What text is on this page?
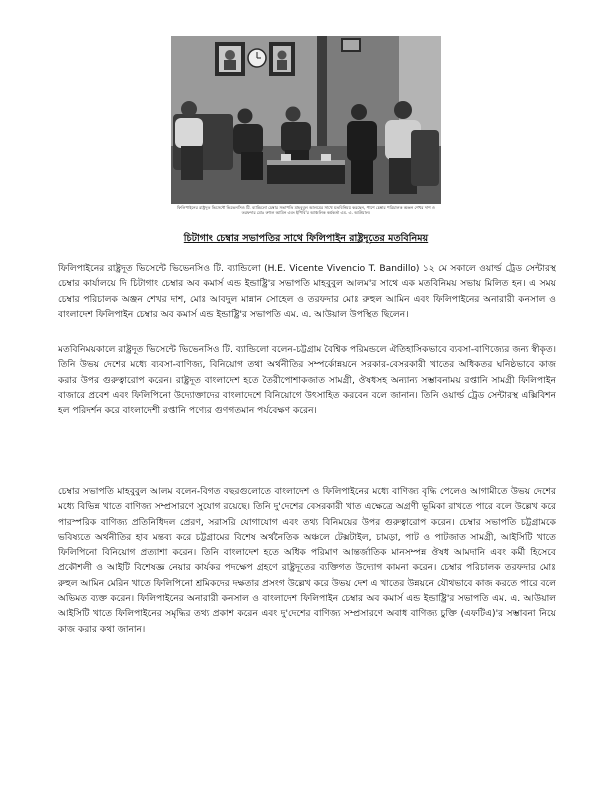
ফিলিপাইনের রাষ্ট্রদূত ভিসেন্টে ভিভেনসিও টি. ব্যান্ডিলো চেম্বার সভাপতি মাহবুবুল আলমের সাথে মতবিনিময় করছেন, পাশে চেম্বার পরিচালক অঞ্জন শেখর দাশ ও তরফদার মোঃ রুহুল আমিন এবং ইপিবি'র আঞ্চলিক কর্মকর্তা এম. এ. আউয়াল।
চিটাগাং চেম্বার সভাপতির সাথে ফিলিপাইন রাষ্ট্রদূতের মতবিনিময়

ফিলিপাইনের রাষ্ট্রদূত ভিসেন্টে ভিভেনসিও টি. ব্যান্ডিলো (H.E. Vicente Vivencio T. Bandillo) ১২ মে সকালে ওয়ার্ল্ড ট্রেড সেন্টারস্থ চেম্বার কার্যালয়ে দি চিটাগাং চেম্বার অব কমার্স এন্ড ইন্ডাষ্ট্রি'র সভাপতি মাহবুবুল আলম'র সাথে এক মতবিনিময় সভায় মিলিত হন। এ সময় চেম্বার পরিচালক অঞ্জন শেখর দাশ, মোঃ আবদুল মান্নান সোহেল ও তরফদার মোঃ রুহুল আমিন এবং ফিলিপাইনের অনারারী কনসাল ও বাংলাদেশ ফিলিপাইন চেম্বার অব কমার্স এন্ড ইন্ডাষ্ট্রি'র সভাপতি এম. এ. আউয়াল উপস্থিত ছিলেন।

মতবিনিময়কালে রাষ্ট্রদূত ভিসেন্টে ভিভেনসিও টি. ব্যান্ডিলো বলেন-চট্টগ্রাম বৈশ্বিক পরিমন্ডলে ঐতিহাসিকভাবে ব্যবসা-বাণিজ্যের জন্য স্বীকৃত। তিনি উভয় দেশের মধ্যে ব্যবসা-বাণিজ্য, বিনিয়োগ তথা অর্থনীতির সম্পর্কোন্নয়নে সরকার-বেসরকারী খাতের অধিকতর ঘনিষ্ঠভাবে কাজ করার উপর গুরুত্বারোপ করেন। রাষ্ট্রদূত বাংলাদেশ হতে তৈরীপোশাকজাত সামগ্রী, ঔষধসহ অন্যান্য সম্ভাবনাময় রপ্তানি সামগ্রী ফিলিপাইন বাজারে প্রবেশ এবং ফিলিপিনো উদ্যোক্তাদের বাংলাদেশে বিনিয়োগে উৎসাহিত করবেন বলে জানান। তিনি ওয়ার্ল্ড ট্রেড সেন্টারস্থ এক্সিবিশন হল পরিদর্শন করে বাংলাদেশী রপ্তানি পণ্যের গুণগতমান পর্যবেক্ষণ করেন।

চেম্বার সভাপতি মাহবুবুল আলম বলেন-বিগত বছরগুলোতে বাংলাদেশ ও ফিলিপাইনের মধ্যে বাণিজ্য বৃদ্ধি পেলেও আগামীতে উভয় দেশের মধ্যে বিভিন্ন খাতে বাণিজ্য সম্প্রসারণে সুযোগ রয়েছে। তিনি দু'দেশের বেসরকারী খাত এক্ষেত্রে অগ্রণী ভূমিকা রাখতে পারে বলে উল্লেখ করে পারস্পরিক বাণিজ্য প্রতিনিধিদল প্রেরণ, সরাসরি যোগাযোগ এবং তথ্য বিনিময়ের উপর গুরুত্বারোপ করেন। চেম্বার সভাপতি চট্টগ্রামকে ভবিষ্যতে অর্থনীতির হাব মন্তব্য করে চট্টগ্রামের বিশেষ অর্থনৈতিক অঞ্চলে টেক্সটাইল, চামড়া, পাট ও পাটজাত সামগ্রী, আইসিটি খাতে ফিলিপিনো বিনিয়োগ প্রত্যাশা করেন। তিনি বাংলাদেশ হতে অধিক পরিমাণ আন্তর্জাতিক মানসম্পন্ন ঔষধ আমদানি এবং কর্মী হিসেবে প্রকৌশলী ও আইটি বিশেষজ্ঞ নেয়ার কার্যকর পদক্ষেপ গ্রহণে রাষ্ট্রদূতের ব্যক্তিগত উদ্যোগ কামনা করেন। চেম্বার পরিচালক তরফদার মোঃ রুহুল আমিন মেরিন খাতে ফিলিপিনো শ্রমিকদের দক্ষতার প্রসংগ উল্লেখ করে উভয় দেশ এ খাতের উন্নয়নে যৌথভাবে কাজ করতে পারে বলে অভিমত ব্যক্ত করেন। ফিলিপাইনের অনারারী কনসাল ও বাংলাদেশ ফিলিপাইন চেম্বার অব কমার্স এন্ড ইন্ডাষ্ট্রি'র সভাপতি এম. এ. আউয়াল আইসিটি খাতে ফিলিপাইনের সমৃদ্ধির তথ্য প্রকাশ করেন এবং দু'দেশের বাণিজ্য সম্প্রসারণে অবাধ বাণিজ্য চুক্তি (এফটিএ)'র সম্ভাবনা নিয়ে কাজ করার কথা জানান।
